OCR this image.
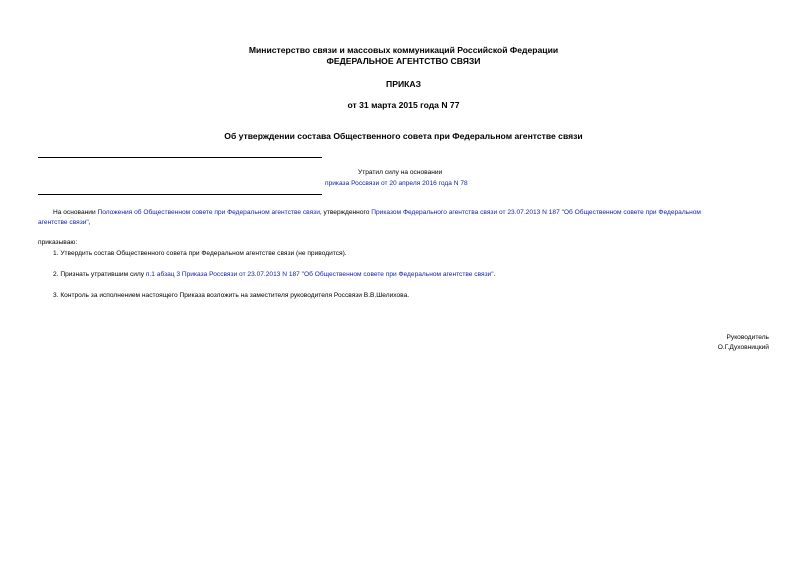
Министерство связи и массовых коммуникаций Российской Федерации
ФЕДЕРАЛЬНОЕ АГЕНТСТВО СВЯЗИ
ПРИКАЗ
от 31 марта 2015 года N 77
Об утверждении состава Общественного совета при Федеральном агентстве связи
Утратил силу на основании
приказа Россвязи от 20 апреля 2016 года N 78
На основании Положения об Общественном совете при Федеральном агентстве связи, утвержденного Приказом Федерального агентства связи от 23.07.2013 N 187 "Об Общественном совете при Федеральном
агентстве связи",
приказываю:
1. Утвердить состав Общественного совета при Федеральном агентстве связи (не приводится).
2. Признать утратившим силу п.1 абзац 3 Приказа Россвязи от 23.07.2013 N 187 "Об Общественном совете при Федеральном агентстве связи".
3. Контроль за исполнением настоящего Приказа возложить на заместителя руководителя Россвязи В.В.Шелихова.
Руководитель
О.Г.Духовницкий
